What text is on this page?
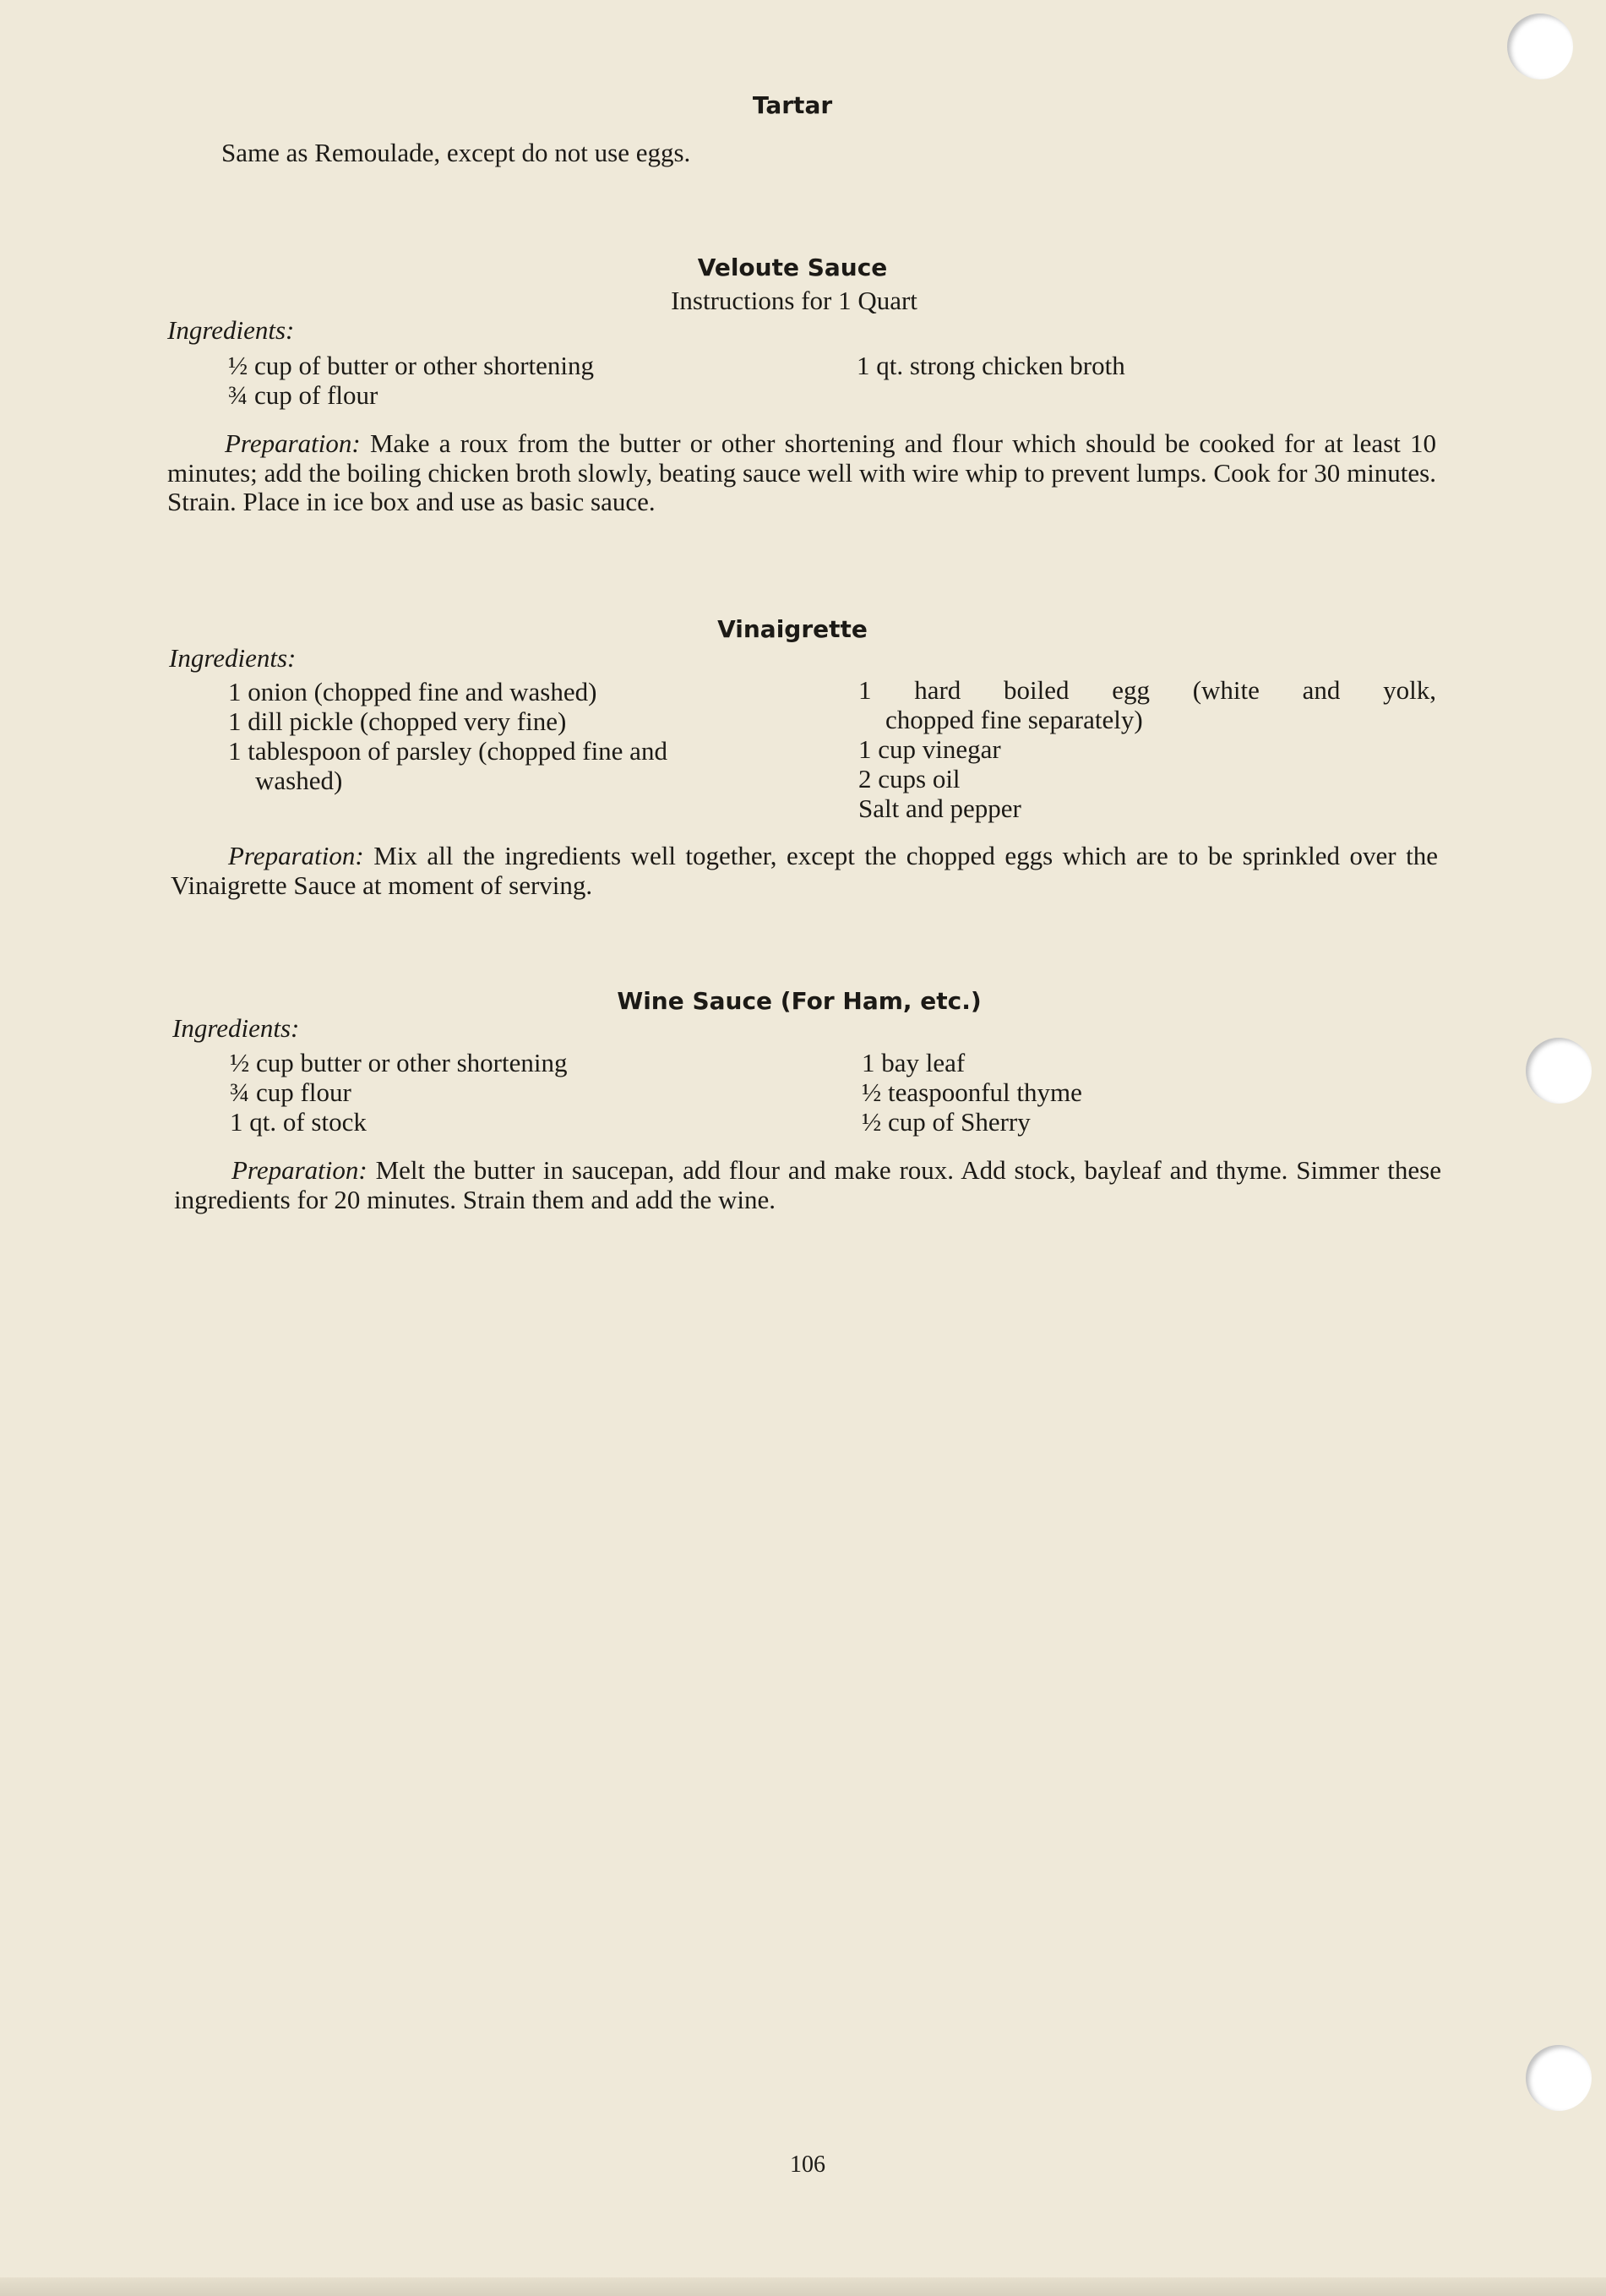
Tartar
Same as Remoulade, except do not use eggs.
Veloute Sauce
Instructions for 1 Quart
Ingredients:
½ cup of butter or other shortening
¾ cup of flour
1 qt. strong chicken broth
Preparation: Make a roux from the butter or other shortening and flour which should be cooked for at least 10 minutes; add the boiling chicken broth slowly, beating sauce well with wire whip to prevent lumps. Cook for 30 minutes. Strain. Place in ice box and use as basic sauce.
Vinaigrette
Ingredients:
1 onion (chopped fine and washed)
1 dill pickle (chopped very fine)
1 tablespoon of parsley (chopped fine and
washed)
1 hard boiled egg (white and yolk,
chopped fine separately)
1 cup vinegar
2 cups oil
Salt and pepper
Preparation: Mix all the ingredients well together, except the chopped eggs which are to be sprinkled over the Vinaigrette Sauce at moment of serving.
Wine Sauce (For Ham, etc.)
Ingredients:
½ cup butter or other shortening
¾ cup flour
1 qt. of stock
1 bay leaf
½ teaspoonful thyme
½ cup of Sherry
Preparation: Melt the butter in saucepan, add flour and make roux. Add stock, bayleaf and thyme. Simmer these ingredients for 20 minutes. Strain them and add the wine.
106
